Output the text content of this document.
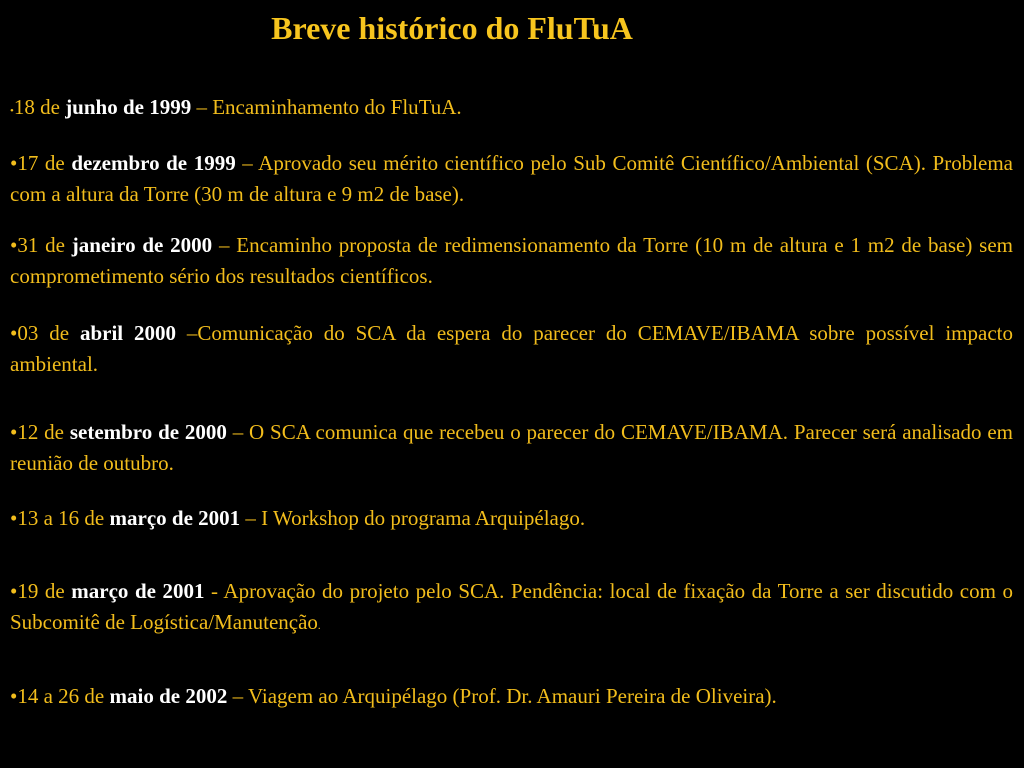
Breve histórico do FluTuA

•18 de junho de 1999 – Encaminhamento do FluTuA.

•17 de dezembro de 1999 – Aprovado seu mérito científico pelo Sub Comitê Científico/Ambiental (SCA). Problema com a altura da Torre (30 m de altura e 9 m2 de base).

•31 de janeiro de 2000 – Encaminho proposta de redimensionamento da Torre (10 m de altura e 1 m2 de base) sem comprometimento sério dos resultados científicos.

•03 de abril 2000 –Comunicação do SCA da espera do parecer do CEMAVE/IBAMA sobre possível impacto ambiental.

•12 de setembro de 2000 – O SCA comunica que recebeu o parecer do CEMAVE/IBAMA. Parecer será analisado em reunião de outubro.

•13 a 16 de março de 2001 – I Workshop do programa Arquipélago.

•19 de março de 2001 - Aprovação do projeto pelo SCA. Pendência: local de fixação da Torre a ser discutido com o Subcomitê de Logística/Manutenção.

•14 a 26 de maio de 2002 – Viagem ao Arquipélago (Prof. Dr. Amauri Pereira de Oliveira).
